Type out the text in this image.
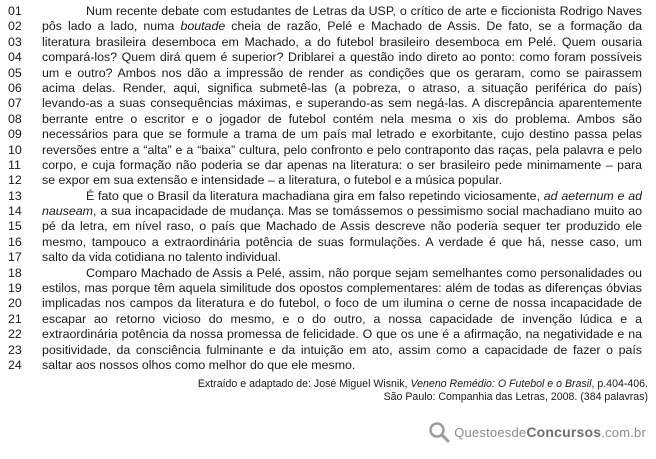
01	Num recente debate com estudantes de Letras da USP, o crítico de arte e ficcionista Rodrigo Naves
02	pôs lado a lado, numa boutade cheia de razão, Pelé e Machado de Assis. De fato, se a formação da
03	literatura brasileira desemboca em Machado, a do futebol brasileiro desemboca em Pelé. Quem ousaria
04	compará-los? Quem dirá quem é superior? Driblarei a questão indo direto ao ponto: como foram possíveis
05	um e outro? Ambos nos dão a impressão de render as condições que os geraram, como se pairassem
06	acima delas. Render, aqui, significa submetê-las (a pobreza, o atraso, a situação periférica do país)
07	levando-as a suas consequências máximas, e superando-as sem negá-las. A discrepância aparentemente
08	berrante entre o escritor e o jogador de futebol contém nela mesma o xis do problema. Ambos são
09	necessários para que se formule a trama de um país mal letrado e exorbitante, cujo destino passa pelas
10	reversões entre a “alta” e a “baixa” cultura, pelo confronto e pelo contraponto das raças, pela palavra e pelo
11	corpo, e cuja formação não poderia se dar apenas na literatura: o ser brasileiro pede minimamente – para
12	se expor em sua extensão e intensidade – a literatura, o futebol e a música popular.
13	É fato que o Brasil da literatura machadiana gira em falso repetindo viciosamente, ad aeternum e ad
14	nauseam, a sua incapacidade de mudança. Mas se tomássemos o pessimismo social machadiano muito ao
15	pé da letra, em nível raso, o país que Machado de Assis descreve não poderia sequer ter produzido ele
16	mesmo, tampouco a extraordinária potência de suas formulações. A verdade é que há, nesse caso, um
17	salto da vida cotidiana no talento individual.
18	Comparo Machado de Assis a Pelé, assim, não porque sejam semelhantes como personalidades ou
19	estilos, mas porque têm aquela similitude dos opostos complementares: além de todas as diferenças óbvias
20	implicadas nos campos da literatura e do futebol, o foco de um ilumina o cerne de nossa incapacidade de
21	escapar ao retorno vicioso do mesmo, e o do outro, a nossa capacidade de invenção lúdica e a
22	extraordinária potência da nossa promessa de felicidade. O que os une é a afirmação, na negatividade e na
23	positividade, da consciência fulminante e da intuição em ato, assim como a capacidade de fazer o país
24	saltar aos nossos olhos como melhor do que ele mesmo.
Extraído e adaptado de: José Miguel Wisnik, Veneno Remédio: O Futebol e o Brasil, p.404-406.
São Paulo: Companhia das Letras, 2008. (384 palavras)
QuestoesdeConcursos.com.br
